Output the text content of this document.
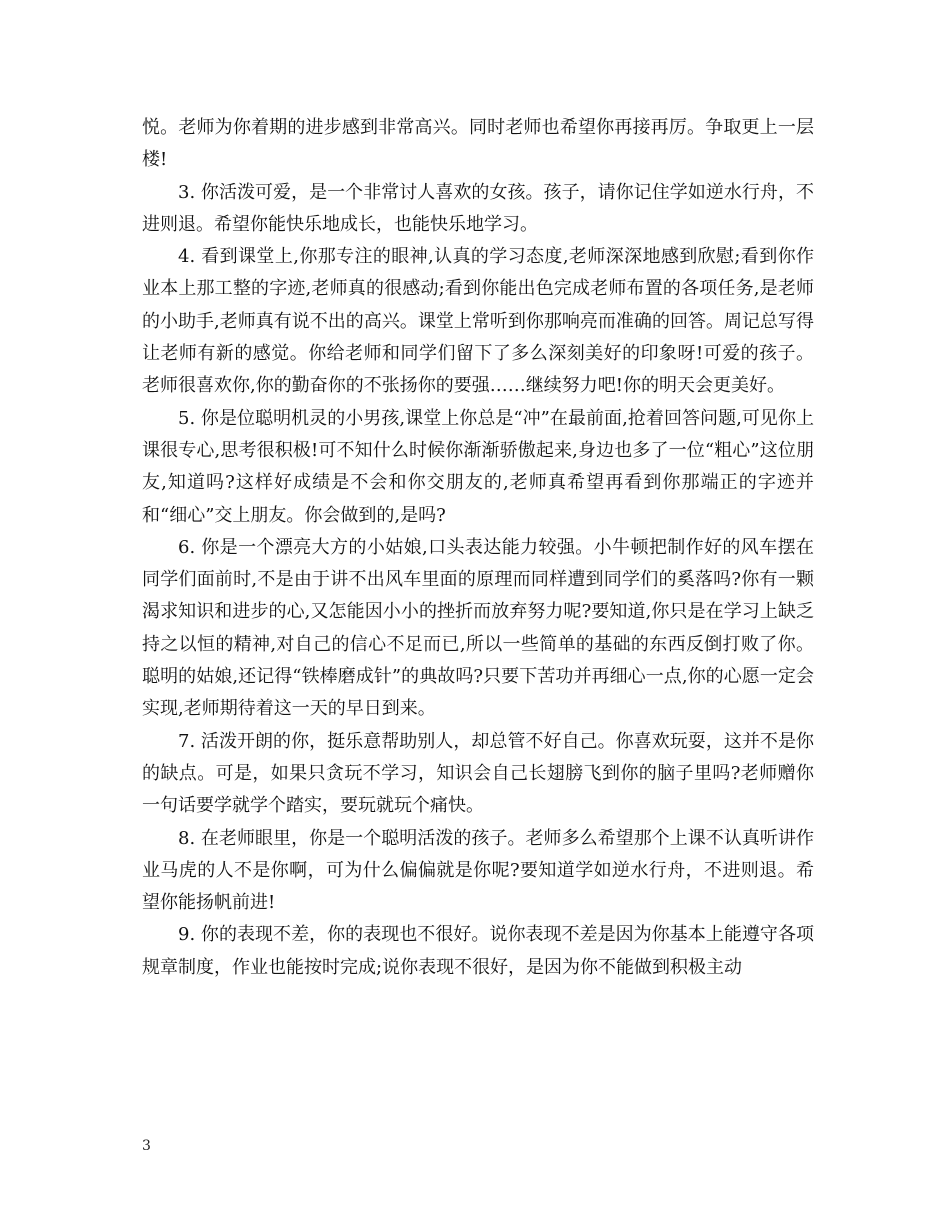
悦。老师为你着期的进步感到非常高兴。同时老师也希望你再接再厉。争取更上一层楼!

3. 你活泼可爱，是一个非常讨人喜欢的女孩。孩子，请你记住学如逆水行舟，不进则退。希望你能快乐地成长，也能快乐地学习。

4. 看到课堂上,你那专注的眼神,认真的学习态度,老师深深地感到欣慰;看到你作业本上那工整的字迹,老师真的很感动;看到你能出色完成老师布置的各项任务,是老师的小助手,老师真有说不出的高兴。课堂上常听到你那响亮而准确的回答。周记总写得让老师有新的感觉。你给老师和同学们留下了多么深刻美好的印象呀!可爱的孩子。老师很喜欢你,你的勤奋你的不张扬你的要强……继续努力吧!你的明天会更美好。

5. 你是位聪明机灵的小男孩,课堂上你总是“冲”在最前面,抢着回答问题,可见你上课很专心,思考很积极!可不知什么时候你渐渐骄傲起来,身边也多了一位“粗心”这位朋友,知道吗?这样好成绩是不会和你交朋友的,老师真希望再看到你那端正的字迹并和“细心”交上朋友。你会做到的,是吗?

6. 你是一个漂亮大方的小姑娘,口头表达能力较强。小牛顿把制作好的风车摆在同学们面前时,不是由于讲不出风车里面的原理而同样遭到同学们的奚落吗?你有一颗渴求知识和进步的心,又怎能因小小的挫折而放弃努力呢?要知道,你只是在学习上缺乏持之以恒的精神,对自己的信心不足而已,所以一些简单的基础的东西反倒打败了你。聪明的姑娘,还记得“铁棒磨成针”的典故吗?只要下苦功并再细心一点,你的心愿一定会实现,老师期待着这一天的早日到来。

7. 活泼开朗的你，挺乐意帮助别人，却总管不好自己。你喜欢玩耍，这并不是你的缺点。可是，如果只贪玩不学习，知识会自己长翅膀飞到你的脑子里吗?老师赠你一句话要学就学个踏实，要玩就玩个痛快。

8. 在老师眼里，你是一个聪明活泼的孩子。老师多么希望那个上课不认真听讲作业马虎的人不是你啊，可为什么偏偏就是你呢?要知道学如逆水行舟，不进则退。希望你能扬帆前进!

9. 你的表现不差，你的表现也不很好。说你表现不差是因为你基本上能遵守各项规章制度，作业也能按时完成;说你表现不很好，是因为你不能做到积极主动

3
